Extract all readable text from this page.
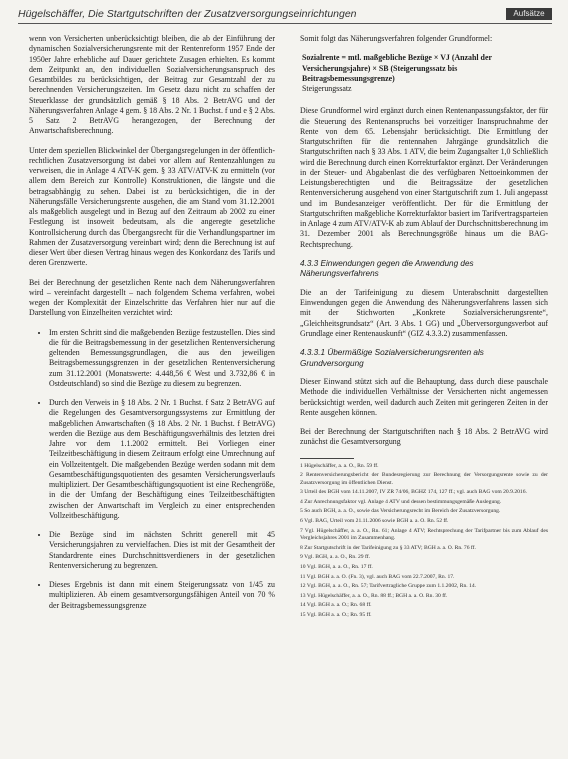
Hügelschäffer, Die Startgutschriften der Zusatzversorgungseinrichtungen	Aufsätze

wenn von Versicherten unberücksichtigt bleiben, die ab der Einführung der dynamischen Sozialversicherungsrente mit der Rentenreform 1957 Ende der 1950er Jahre erhebliche auf Dauer gerichtete Zusagen erhielten. Es kommt dem Zeitpunkt an, den individuellen Sozialversicherungsanspruch des Gesamtbildes zu berücksichtigen, der Beitrag zur Gesamtzahl der zu berechnenden Versicherungszeiten. Im Gesetz dazu nicht zu schaffen der Steuerklasse der grundsätzlich gemäß § 18 Abs. 2 BetrAVG und der Näherungsverfahren Anlage 4 gem. § 18 Abs. 2 Nr. 1 Buchst. f und e § 2 Abs. 5 Satz 2 BetrAVG herangezogen, der Berechnung der Anwartschaftsberechnung.

Unter dem speziellen Blickwinkel der Übergangsregelungen in der öffentlich-rechtlichen Zusatzversorgung ist dabei vor allem auf Rentenzahlungen zu verweisen, die in Anlage 4 ATV-K gem. § 33 ATV/ATV-K zu ermitteln (vor allem dem Bereich zur Kontrolle) Konstruktionen, die längste und die betragsabhängig zu sehen. Dabei ist zu berücksichtigen, die in der Näherungsfälle Versicherungsrente ausgehen, die am Stand vom 31.12.2001 als maßgeblich ausgelegt und in Bezug auf den Zeitraum ab 2002 zu einer Festlegung ist insoweit bedeutsam, als die angeregte gesetzliche Kontrollsicherung durch das Übergangsrecht für die Verhandlungspartner im Rahmen der Zusatzversorgung vereinbart wird; denn die Berechnung ist auf dieser Wert über diesen Vertrag hinaus wegen des Konkordanz des Tarifs und deren Grenzwerte.

Bei der Berechnung der gesetzlichen Rente nach dem Näherungsverfahren wird – vereinfacht dargestellt – nach folgendem Schema verfahren, wobei wegen der Komplexität der Einzelschritte das Verfahren hier nur auf die Darstellung von Einzelheiten verzichtet wird:

• Im ersten Schritt sind die maßgebenden Bezüge festzustellen. Dies sind die für die Beitragsbemessung in der gesetzlichen Rentenversicherung geltenden Bemessungsgrundlagen, die aus den jeweiligen Beitragsbemessungsgrenzen in der gesetzlichen Rentenversicherung zum 31.12.2001 (Monatswerte: 4.448,56 € West und 3.732,86 € in Ostdeutschland) so sind die Bezüge zu diesem zu begrenzen.
• Durch den Verweis in § 18 Abs. 2 Nr. 1 Buchst. f Satz 2 BetrAVG auf die Regelungen des Gesamtversorgungssystems zur Ermittlung der maßgeblichen Anwartschaften (§ 18 Abs. 2 Nr. 1 Buchst. f BetrAVG) werden die Bezüge aus dem Beschäftigungsverhältnis des letzten drei Jahre vor dem 1.1.2002 ermittelt. Bei Vorliegen einer Teilzeitbeschäftigung in diesem Zeitraum erfolgt eine Umrechnung auf ein Vollzeitentgelt. Die maßgebenden Bezüge werden sodann mit dem Gesamtbeschäftigungsquotienten des gesamten Versicherungsverlaufs multipliziert. Der Gesamtbeschäftigungsquotient ist eine Rechengröße, in die der Umfang der Beschäftigung eines Teilzeitbeschäftigten zwischen der Anwartschaft im Vergleich zu einer entsprechenden Vollzeitbeschäftigung.
• Die Bezüge sind im nächsten Schritt generell mit 45 Versicherungsjahren zu vervielfachen. Dies ist mit der Gesamtheit der Standardrente eines Durchschnittsverdieners in der gesetzlichen Rentenversicherung zu begrenzen.
• Dieses Ergebnis ist dann mit einem Steigerungssatz von 1/45 zu multiplizieren. Ab einem gesamtversorgungsfähigen Anteil von 70 % der Beitragsbemessungsgrenze

Somit folgt das Näherungsverfahren folgender Grundformel:

Sozialrente = mtl. maßgebliche Bezüge × VJ (Anzahl der Versicherungsjahre) × SB (Steigerungssatz bis Beitragsbemessungsgrenze)
Steigerungssatz

Diese Grundformel wird ergänzt durch einen Rentenanpassungsfaktor, der für die Steuerung des Rentenanspruchs bei vorzeitiger Inanspruchnahme der Rente von dem 65. Lebensjahr berücksichtigt. Die Ermittlung der Startgutschriften für die rentennahen Jahrgänge grundsätzlich die Startgutschriften nach § 33 Abs. 1 ATV, die beim Zugangsalter 1,0 Schließlich wird die Berechnung durch einen Korrekturfaktor ergänzt. Der Veränderungen in der Steuer- und Abgabenlast die des verfügbaren Nettoeinkommen der Leistungsberechtigten und die Beitragssätze der gesetzlichen Rentenversicherung ausgehend von einer Startgutschrift zum 1. Juli angepasst und im Bundesanzeiger veröffentlicht. Der für die Ermittlung der Startgutschriften maßgebliche Korrekturfaktor basiert im Tarifvertragsparteien in Anlage 4 zum ATV/ATV-K ab zum Ablauf der Durchschnittsberechnung im 31. Dezember 2001 als Berechnungsgröße hinaus um die BAG-Rechtsprechung.

4.3.3 Einwendungen gegen die Anwendung des Näherungsverfahrens

Die an der Tarifeinigung zu diesem Unterabschnitt dargestellten Einwendungen gegen die Anwendung des Näherungsverfahrens lassen sich mit der Stichworten „Konkrete Sozialversicherungsrente“, „Gleichheitsgrundsatz“ (Art. 3 Abs. 1 GG) und „Überversorgungsverbot auf Grundlage einer Rentenauskunft“ (GIZ 4.3.3.2) zusammenfassen.

4.3.3.1 Übermäßige Sozialversicherungsrenten als Grundversorgung

Dieser Einwand stützt sich auf die Behauptung, dass durch diese pauschale Methode die individuellen Verhältnisse der Versicherten nicht angemessen berücksichtigt werden, weil dadurch auch Zeiten mit geringeren Zeiten in der Rente ausgehen können.

Bei der Berechnung der Startgutschriften nach § 18 Abs. 2 BetrAVG wird zunächst die Gesamtversorgung

1 Hügelschäffer, a. a. O., Rn. 59 ff.
2 Rentenversicherungsbericht der Bundesregierung zur Berechnung der Versorgungsrente sowie zu der Zusatzversorgung im öffentlichen Dienst.
3 Urteil des BGH vom 14.11.2007, IV ZR 74/06, BGHZ 174, 127 ff.; vgl. auch BAG vom 20.9.2016.
4 Zur Anrechnungsfaktor vgl. Anlage 4 ATV und dessen bestimmungsgemäße Auslegung.
5 So auch BGH, a. a. O., sowie das Versicherungsrecht im Bereich der Zusatzversorgung.
6 Vgl. BAG, Urteil vom 21.11.2006 sowie BGH a. a. O. Rn. 52 ff.
7 Vgl. Hügelschäffer, a. a. O., Rn. 61; Anlage 4 ATV; Rechtsprechung der Tarifpartner bis zum Ablauf des Vergleichsjahres 2001 im Zusammenhang.
8 Zur Startgutschrift in der Tarifeinigung zu § 33 ATV; BGH a. a. O. Rn. 76 ff.
9 Vgl. BGH, a. a. O., Rn. 29 ff.
10 Vgl. BGH, a. a. O., Rn. 17 ff.
11 Vgl. BGH a. a. O. (Fn. 3), vgl. auch BAG vom 22.7.2007, Rn. 17.
12 Vgl. BGH, a. a. O., Rn. 57; Tarifvertragliche Gruppe zum 1.1.2002, Rn. 14.
13 Vgl. Hügelschäffer, a. a. O., Rn. 88 ff.; BGH a. a. O. Rn. 30 ff.
14 Vgl. BGH a. a. O.; Rn. 68 ff.
15 Vgl. BGH a. a. O.; Rn. 95 ff.
